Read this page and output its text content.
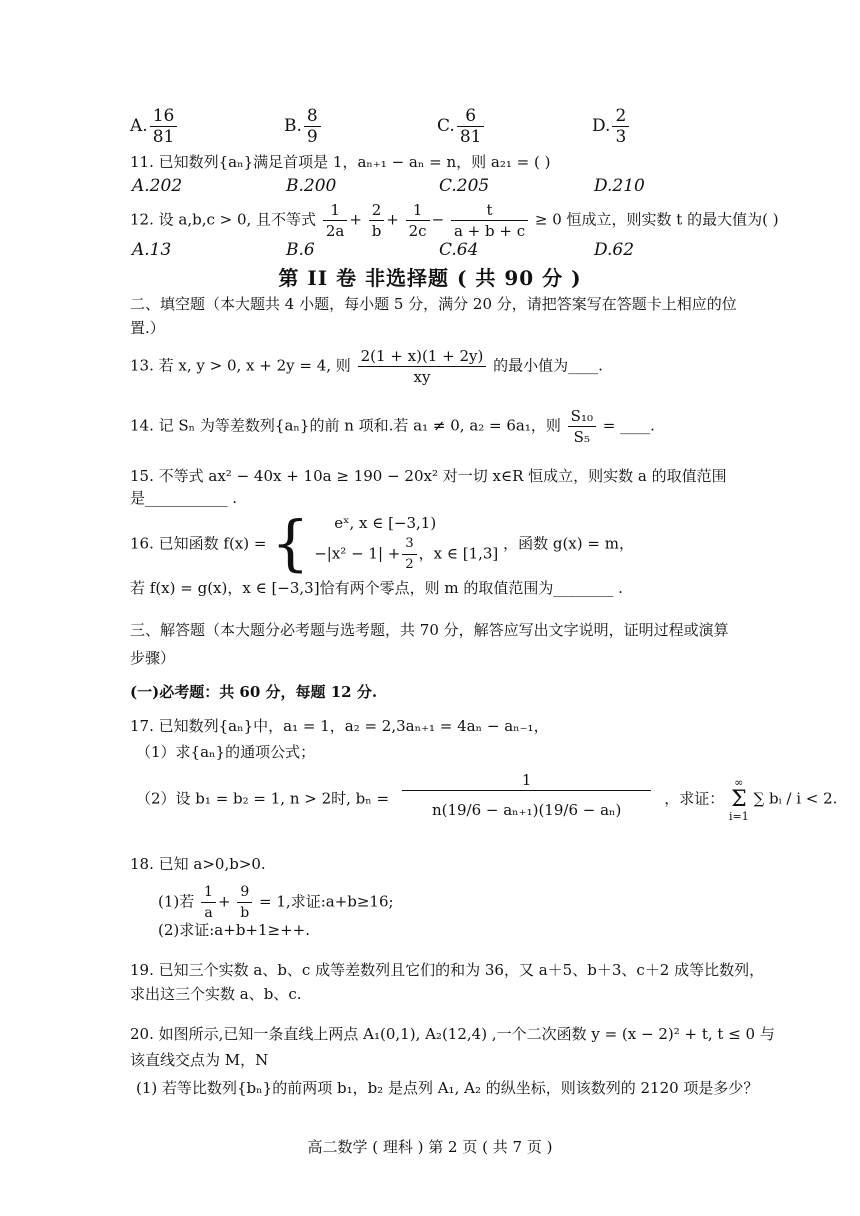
A. $\frac{16}{81}$	B. $\frac{8}{9}$	C. $\frac{6}{81}$	D. $\frac{2}{3}$
11. 已知数列{aₙ}满足首项是 1，aₙ₊₁ − aₙ = n，则 a₂₁ = ( )
A.202	B.200	C.205	D.210
12. 设 a,b,c > 0, 且不等式 $\frac{1}{2a} + \frac{2}{b} + \frac{1}{2c} - \frac{t}{a + b + c} \ge 0$ 恒成立，则实数 t 的最大值为( )
A.13	B.6	C.64	D.62
第 II 卷 非选择题 ( 共 90 分 )
二、填空题（本大题共 4 小题，每小题 5 分，满分 20 分，请把答案写在答题卡上相应的位
置.）
13. 若 x, y > 0, x + 2y = 4, 则 $\frac{2(1 + x)(1 + 2y)}{xy}$ 的最小值为____.
14. 记 Sₙ 为等差数列{aₙ}的前 n 项和.若 a₁ ≠ 0, a₂ = 6a₁，则 $\frac{\text{S₁₀}}{\text{S₅}}$ = ____.
15. 不等式 ax² − 40x + 10a ≥ 190 − 20x² 对一切 x∈R 恒成立，则实数 a 的取值范围
是___________ .
16. 已知函数 f(x) = {	eˣ, x ∈ [−3,1)
$-|x^2 - 1| + \frac{3}{2}$ ，x ∈ [1,3]
，函数 g(x) = m，
若 f(x) = g(x)，x ∈ [−3,3]恰有两个零点，则 m 的取值范围为________ .
三、解答题（本大题分必考题与选考题，共 70 分，解答应写出文字说明，证明过程或演算
步骤）
(一)必考题：共 60 分，每题 12 分.
17. 已知数列{aₙ}中，a₁ = 1，a₂ = 2,3aₙ₊₁ = 4aₙ − aₙ₋₁，
（1）求{aₙ}的通项公式；
（2）设 b₁ = b₂ = 1, n > 2时, $b_n = \frac{1}{\text{n(19/6 − aₙ₊₁)(19/6 − aₙ)}}$ ，求证：
∞
Σ
i=1
∑ bᵢ / i < 2.
18. 已知 a>0,b>0.
(1)若 $\frac{1}{a} + \frac{9}{b} = 1$,求证:a+b≥16;
(2)求证:a+b+1≥++.
19. 已知三个实数 a、b、c 成等差数列且它们的和为 36，又 a＋5、b＋3、c＋2 成等比数列，
求出这三个实数 a、b、c.
20. 如图所示,已知一条直线上两点 A₁(0,1), A₂(12,4) ,一个二次函数 y = (x − 2)² + t, t ≤ 0 与
该直线交点为 M，N
(1) 若等比数列{bₙ}的前两项 b₁，b₂ 是点列 A₁, A₂ 的纵坐标，则该数列的 2120 项是多少？
高二数学 ( 理科 ) 第 2 页 ( 共 7 页 )
